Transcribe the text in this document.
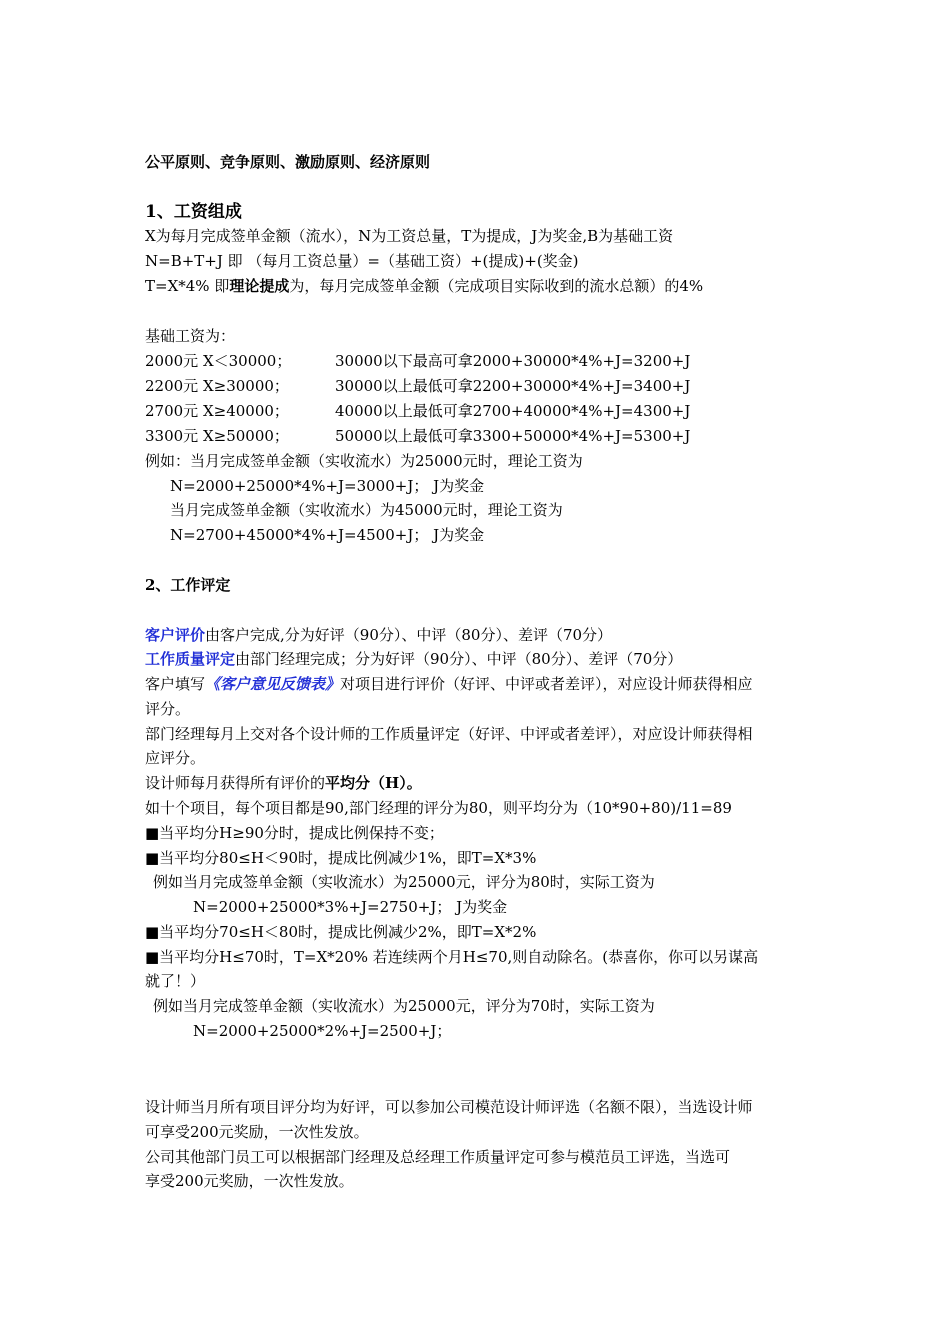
公平原则、竞争原则、激励原则、经济原则
1、工资组成
X为每月完成签单金额（流水），N为工资总量，T为提成，J为奖金,B为基础工资
N=B+T+J 即 （每月工资总量）=（基础工资）+(提成)+(奖金)
T=X*4% 即理论提成为，每月完成签单金额（完成项目实际收到的流水总额）的4%
基础工资为：
2000元 X＜30000；	30000以下最高可拿2000+30000*4%+J=3200+J
2200元 X≥30000；	30000以上最低可拿2200+30000*4%+J=3400+J
2700元 X≥40000；	40000以上最低可拿2700+40000*4%+J=4300+J
3300元 X≥50000；	50000以上最低可拿3300+50000*4%+J=5300+J
例如：当月完成签单金额（实收流水）为25000元时，理论工资为
N=2000+25000*4%+J=3000+J； J为奖金
当月完成签单金额（实收流水）为45000元时，理论工资为
N=2700+45000*4%+J=4500+J； J为奖金
2、工作评定
客户评价由客户完成,分为好评（90分）、中评（80分）、差评（70分）
工作质量评定由部门经理完成；分为好评（90分）、中评（80分）、差评（70分）
客户填写《客户意见反馈表》对项目进行评价（好评、中评或者差评），对应设计师获得相应
评分。
部门经理每月上交对各个设计师的工作质量评定（好评、中评或者差评），对应设计师获得相
应评分。
设计师每月获得所有评价的平均分（H）。
如十个项目，每个项目都是90,部门经理的评分为80，则平均分为（10*90+80)/11=89
■当平均分H≥90分时，提成比例保持不变；
■当平均分80≤H＜90时，提成比例减少1%，即T=X*3%
例如当月完成签单金额（实收流水）为25000元，评分为80时，实际工资为
N=2000+25000*3%+J=2750+J； J为奖金
■当平均分70≤H＜80时，提成比例减少2%，即T=X*2%
■当平均分H≤70时，T=X*20% 若连续两个月H≤70,则自动除名。(恭喜你，你可以另谋高
就了！）
例如当月完成签单金额（实收流水）为25000元，评分为70时，实际工资为
N=2000+25000*2%+J=2500+J；
设计师当月所有项目评分均为好评，可以参加公司模范设计师评选（名额不限），当选设计师
可享受200元奖励，一次性发放。
公司其他部门员工可以根据部门经理及总经理工作质量评定可参与模范员工评选，当选可
享受200元奖励，一次性发放。
